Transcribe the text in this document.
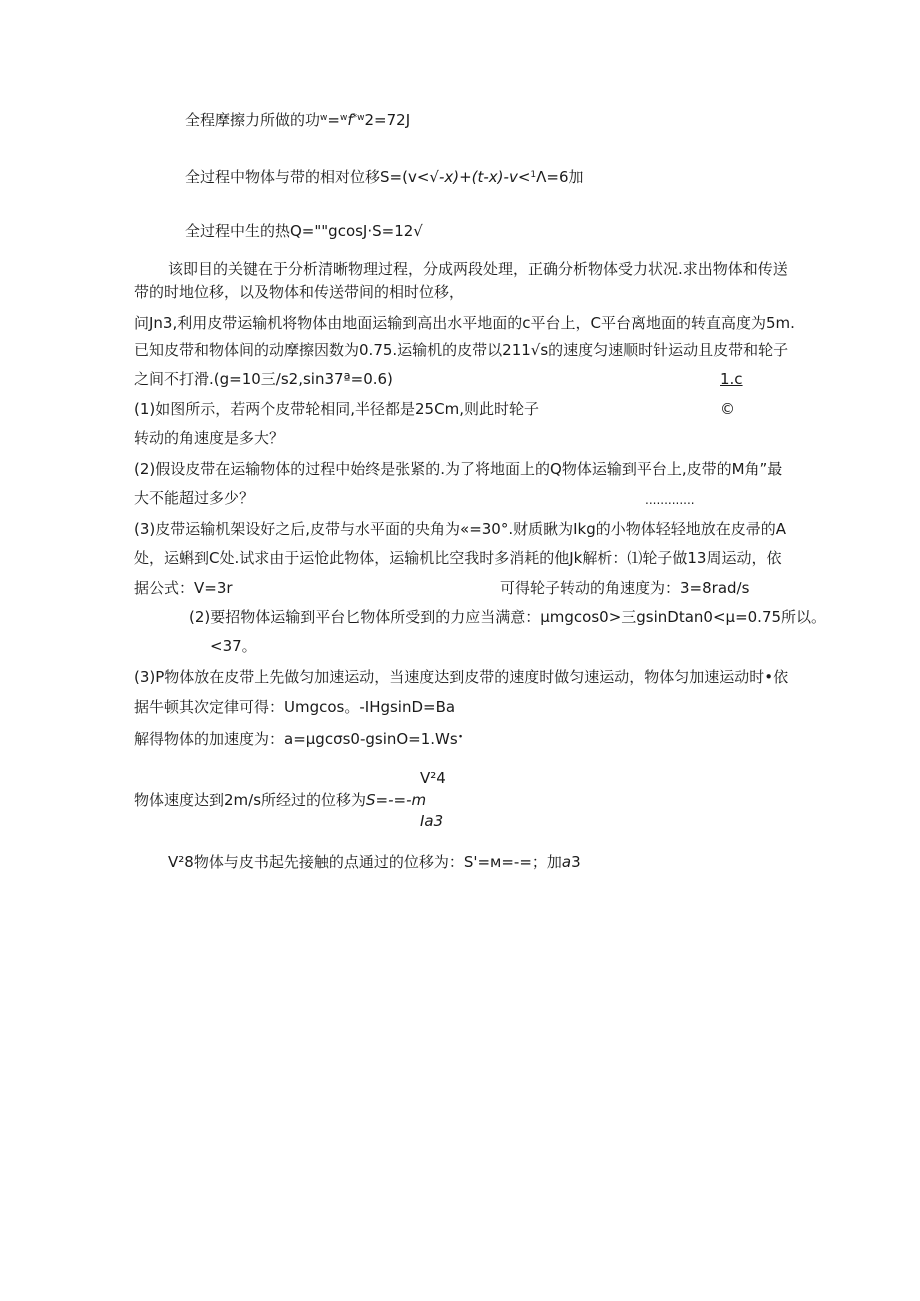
全程摩擦力所做的功$^w=^wf^{*w}2=72J$
全过程中物体与带的相对位移S=(v<√-x)+(t-x)-v<$^1$Λ=6加
全过程中生的热Q=""gcosJ·S=12√
该即目的关键在于分析清晰物理过程，分成两段处理，正确分析物体受力状况.求出物体和传送
带的时地位移，以及物体和传送带间的相时位移，
问Jn3,利用皮带运输机将物体由地面运输到高出水平地面的c平台上，C平台离地面的转直高度为5m.
已知皮带和物体间的动摩擦因数为0.75.运输机的皮带以211√s的速度匀速顺时针运动且皮带和轮子
之间不打滑.(g=10三∕s2,sin37ª=0.6)	1.c
(1)如图所示，若两个皮带轮相同,半径都是25Cm,则此时轮子	©
转动的角速度是多大？
(2)假设皮带在运输物体的过程中始终是张紧的.为了将地面上的Q物体运输到平台上,皮带的M角”最
大不能超过多少？	.............
(3)皮带运输机架设好之后,皮带与水平面的央角为«=30°.财质瞅为Ikg的小物体轻轻地放在皮帚的A
处，运蝌到C处.试求由于运怆此物体，运输机比空我时多消耗的他Jk解析：⑴轮子做13周运动，依
据公式：V=3r	可得轮子转动的角速度为：3=8rad∕s
(2)要招物体运输到平台匕物体所受到的力应当满意：μmgcos0>三gsinDtan0<μ=0.75所以。
<37。
(3)P物体放在皮带上先做匀加速运动，当速度达到皮带的速度时做匀速运动，物体匀加速运动时•依
据牛顿其次定律可得：Umgcos。-IHgsinD=Ba
解得物体的加速度为：a=μgcσs0-gsinO=1.Ws∙
V²4
物体速度达到2m∕s所经过的位移为S=-=-m
Ia3
V²8物体与皮书起先接触的点通过的位移为：S'=м=-=；加a3
